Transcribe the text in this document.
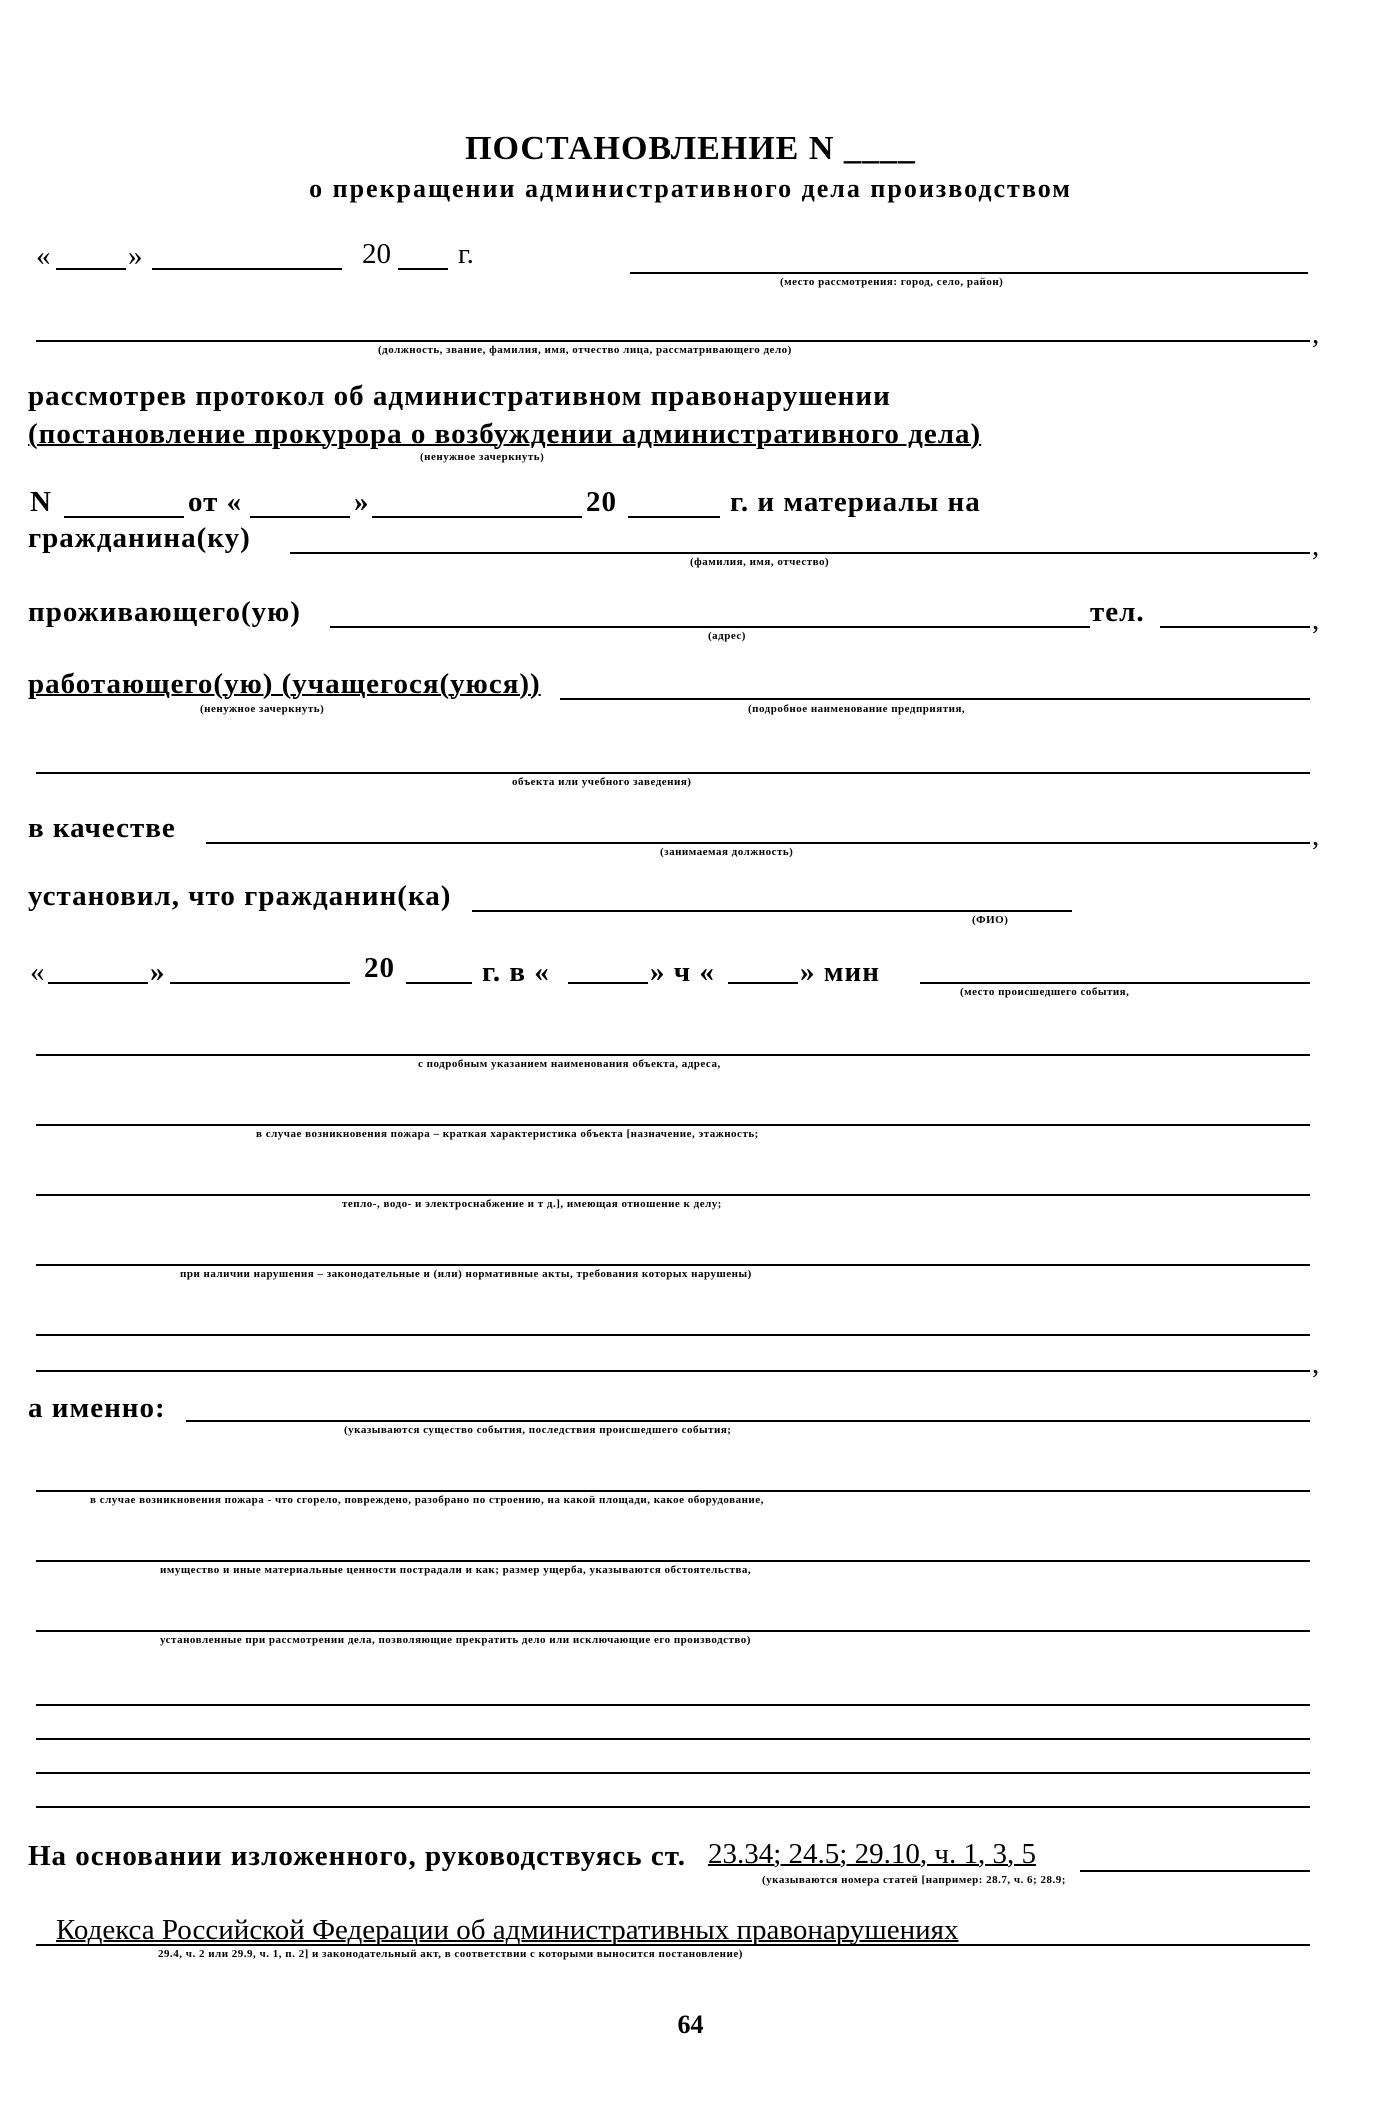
ПОСТАНОВЛЕНИЕ N ____
о прекращении административного дела производством
«	»	20 г.
(место рассмотрения: город, село, район)
,
(должность, звание, фамилия, имя, отчество лица, рассматривающего дело)
рассмотрев протокол об административном правонарушении
(постановление прокурора о возбуждении административного дела)
(ненужное зачеркнуть)
N	от «	»	20	г. и материалы на
гражданина(ку)	,
(фамилия, имя, отчество)
проживающего(ую)
(адрес)
тел.	,
работающего(ую) (учащегося(уюся))
(ненужное зачеркнуть)	(подробное наименование предприятия,
объекта или учебного заведения)
в качестве	,
(занимаемая должность)
установил, что гражданин(ка)
(ФИО)
«	»	20	г. в «	» ч «	» мин
(место происшедшего события,
с подробным указанием наименования объекта, адреса,
в случае возникновения пожара – краткая характеристика объекта [назначение, этажность;
тепло-, водо- и электроснабжение и т д.], имеющая отношение к делу;
при наличии нарушения – законодательные и (или) нормативные акты, требования которых нарушены)
,
а именно:
(указываются существо события, последствия происшедшего события;
в случае возникновения пожара - что сгорело, повреждено, разобрано по строению, на какой площади, какое оборудование,
имущество и иные материальные ценности пострадали и как; размер ущерба, указываются обстоятельства,
установленные при рассмотрении дела, позволяющие прекратить дело или исключающие его производство)
На основании изложенного, руководствуясь ст. 23.34; 24.5; 29.10, ч. 1, 3, 5
(указываются номера статей [например: 28.7, ч. 6; 28.9;
Кодекса Российской Федерации об административных правонарушениях
29.4, ч. 2 или 29.9, ч. 1, п. 2] и законодательный акт, в соответствии с которыми выносится постановление)
64
